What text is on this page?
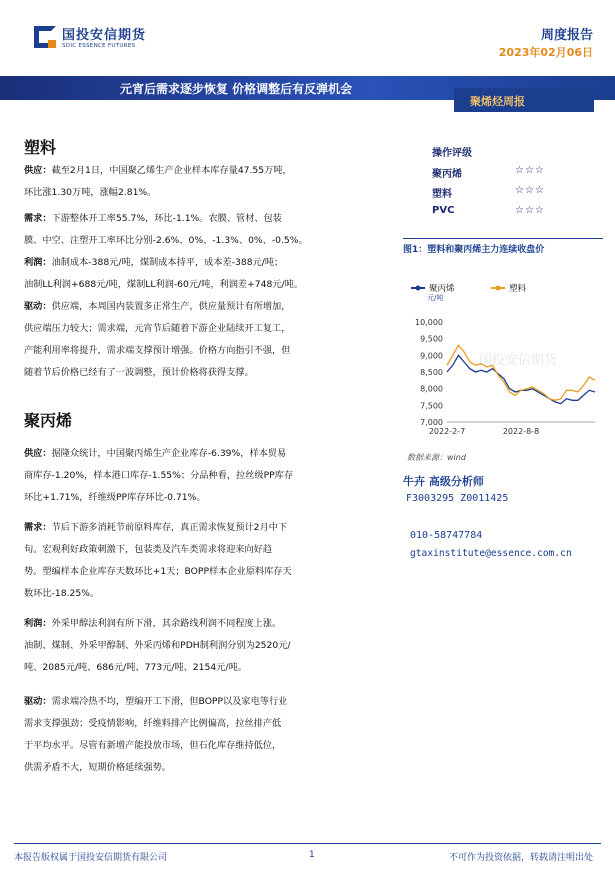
国投安信期货
SDIC ESSENCE FUTURES
周度报告
2023年02月06日
元宵后需求逐步恢复 价格调整后有反弹机会
聚烯烃周报
塑料
供应：截至2月1日，中国聚乙烯生产企业样本库存量47.55万吨，
环比涨1.30万吨，涨幅2.81%。
需求：下游整体开工率55.7%，环比-1.1%。农膜、管材、包装
膜、中空、注塑开工率环比分别-2.6%、0%、-1.3%、0%、-0.5%。
利润：油制成本-388元/吨，煤制成本持平，成本差-388元/吨；
油制LL利润+688元/吨，煤制LL利润-60元/吨，利润差+748元/吨。
驱动：供应端，本周国内装置多正常生产，供应量预计有所增加，
供应端压力较大；需求端，元宵节后随着下游企业陆续开工复工，
产能利用率将提升，需求端支撑预计增强。价格方向指引不强，但
随着节后价格已经有了一波调整，预计价格将获得支撑。
聚丙烯
供应：据隆众统计，中国聚丙烯生产企业库存-6.39%，样本贸易
商库存-1.20%，样本港口库存-1.55%；分品种看，拉丝级PP库存
环比+1.71%，纤维级PP库存环比-0.71%。
需求：节后下游多消耗节前原料库存，真正需求恢复预计2月中下
旬。宏观利好政策刺激下，包装类及汽车类需求将迎来向好趋
势。塑编样本企业库存天数环比+1天；BOPP样本企业原料库存天
数环比-18.25%。
利润：外采甲醇法利润有所下滑，其余路线利润不同程度上涨。
油制、煤制、外采甲醇制、外采丙烯和PDH制利润分别为2520元/
吨、2085元/吨、686元/吨、773元/吨、2154元/吨。
驱动：需求端冷热不均，塑编开工下滑，但BOPP以及家电等行业
需求支撑强劲；受疫情影响，纤维料排产比例偏高，拉丝排产低
于平均水平。尽管有新增产能投放市场，但石化库存维持低位，
供需矛盾不大，短期价格延续强势。
操作评级
聚丙烯	☆☆☆
塑料	☆☆☆
PVC	☆☆☆
图1：塑料和聚丙烯主力连续收盘价
国投安信期货
聚丙烯	塑料
元/吨
10,000
9,500
9,000
8,500
8,000
7,500
7,000
2022-2-7	2022-8-8
数据来源：wind
牛卉 高级分析师
F3003295 Z0011425
010-58747784
gtaxinstitute@essence.com.cn
本报告版权属于国投安信期货有限公司	1	不可作为投资依据，转载请注明出处
